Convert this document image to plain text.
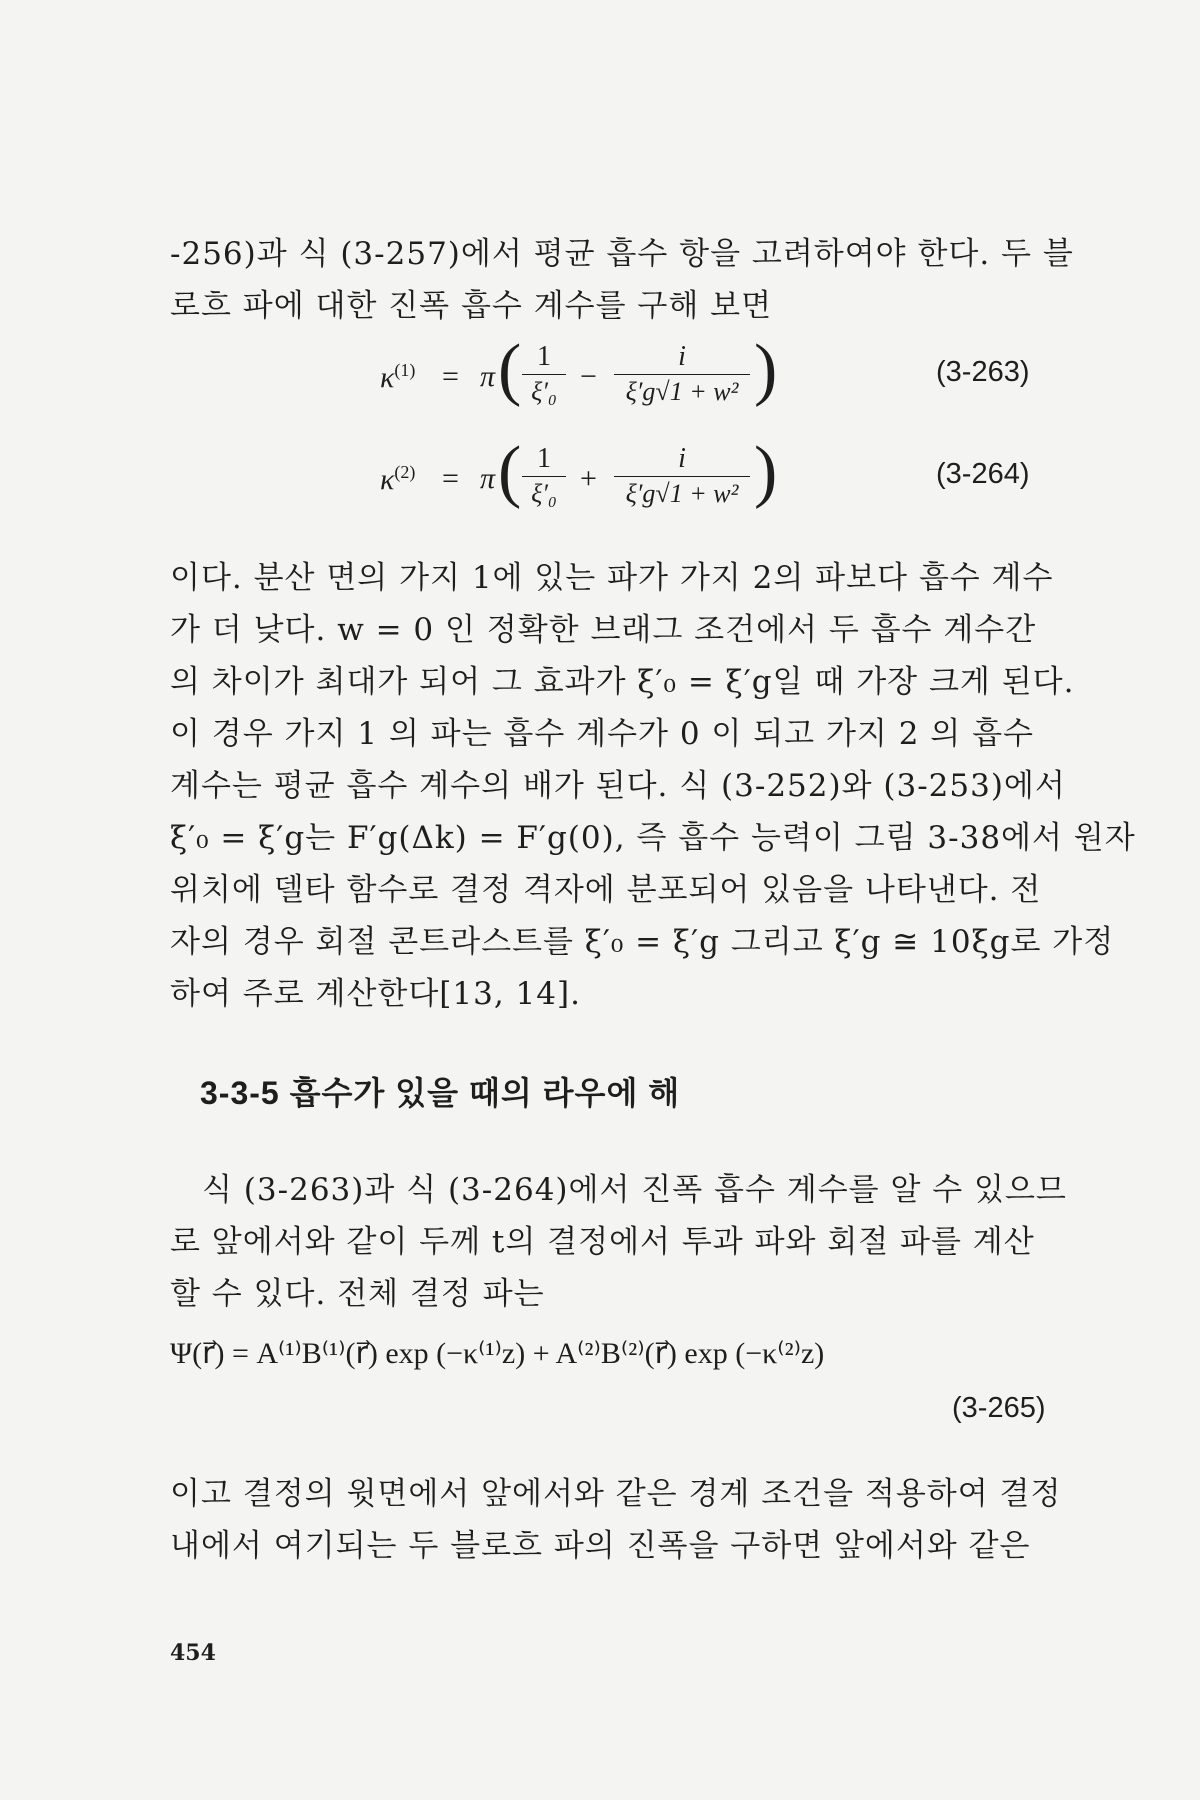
-256)과 식 (3-257)에서 평균 흡수 항을 고려하여야 한다. 두 블
로흐 파에 대한 진폭 흡수 계수를 구해 보면

$\kappa^{(1)} = \pi$ ( 1
ξ′₀ −
i
ξ′g√1 + w² )	(3-263)
$\kappa^{(2)} = \pi$ ( 1
ξ′₀ +
i
ξ′g√1 + w² )	(3-264)

이다. 분산 면의 가지 1에 있는 파가 가지 2의 파보다 흡수 계수
가 더 낮다. w = 0 인 정확한 브래그 조건에서 두 흡수 계수간
의 차이가 최대가 되어 그 효과가 ξ′₀ = ξ′g일 때 가장 크게 된다.
이 경우 가지 1 의 파는 흡수 계수가 0 이 되고 가지 2 의 흡수
계수는 평균 흡수 계수의 배가 된다. 식 (3-252)와 (3-253)에서
ξ′₀ = ξ′g는 F′g(Δk) = F′g(0), 즉 흡수 능력이 그림 3-38에서 원자
위치에 델타 함수로 결정 격자에 분포되어 있음을 나타낸다. 전
자의 경우 회절 콘트라스트를 ξ′₀ = ξ′g 그리고 ξ′g ≅ 10ξg로 가정
하여 주로 계산한다[13, 14].

3-3-5 흡수가 있을 때의 라우에 해

식 (3-263)과 식 (3-264)에서 진폭 흡수 계수를 알 수 있으므
로 앞에서와 같이 두께 t의 결정에서 투과 파와 회절 파를 계산
할 수 있다. 전체 결정 파는

Ψ(r⃗) = A⁽¹⁾B⁽¹⁾(r⃗) exp (−κ⁽¹⁾z) + A⁽²⁾B⁽²⁾(r⃗) exp (−κ⁽²⁾z)
(3-265)

이고 결정의 윗면에서 앞에서와 같은 경계 조건을 적용하여 결정
내에서 여기되는 두 블로흐 파의 진폭을 구하면 앞에서와 같은

454
